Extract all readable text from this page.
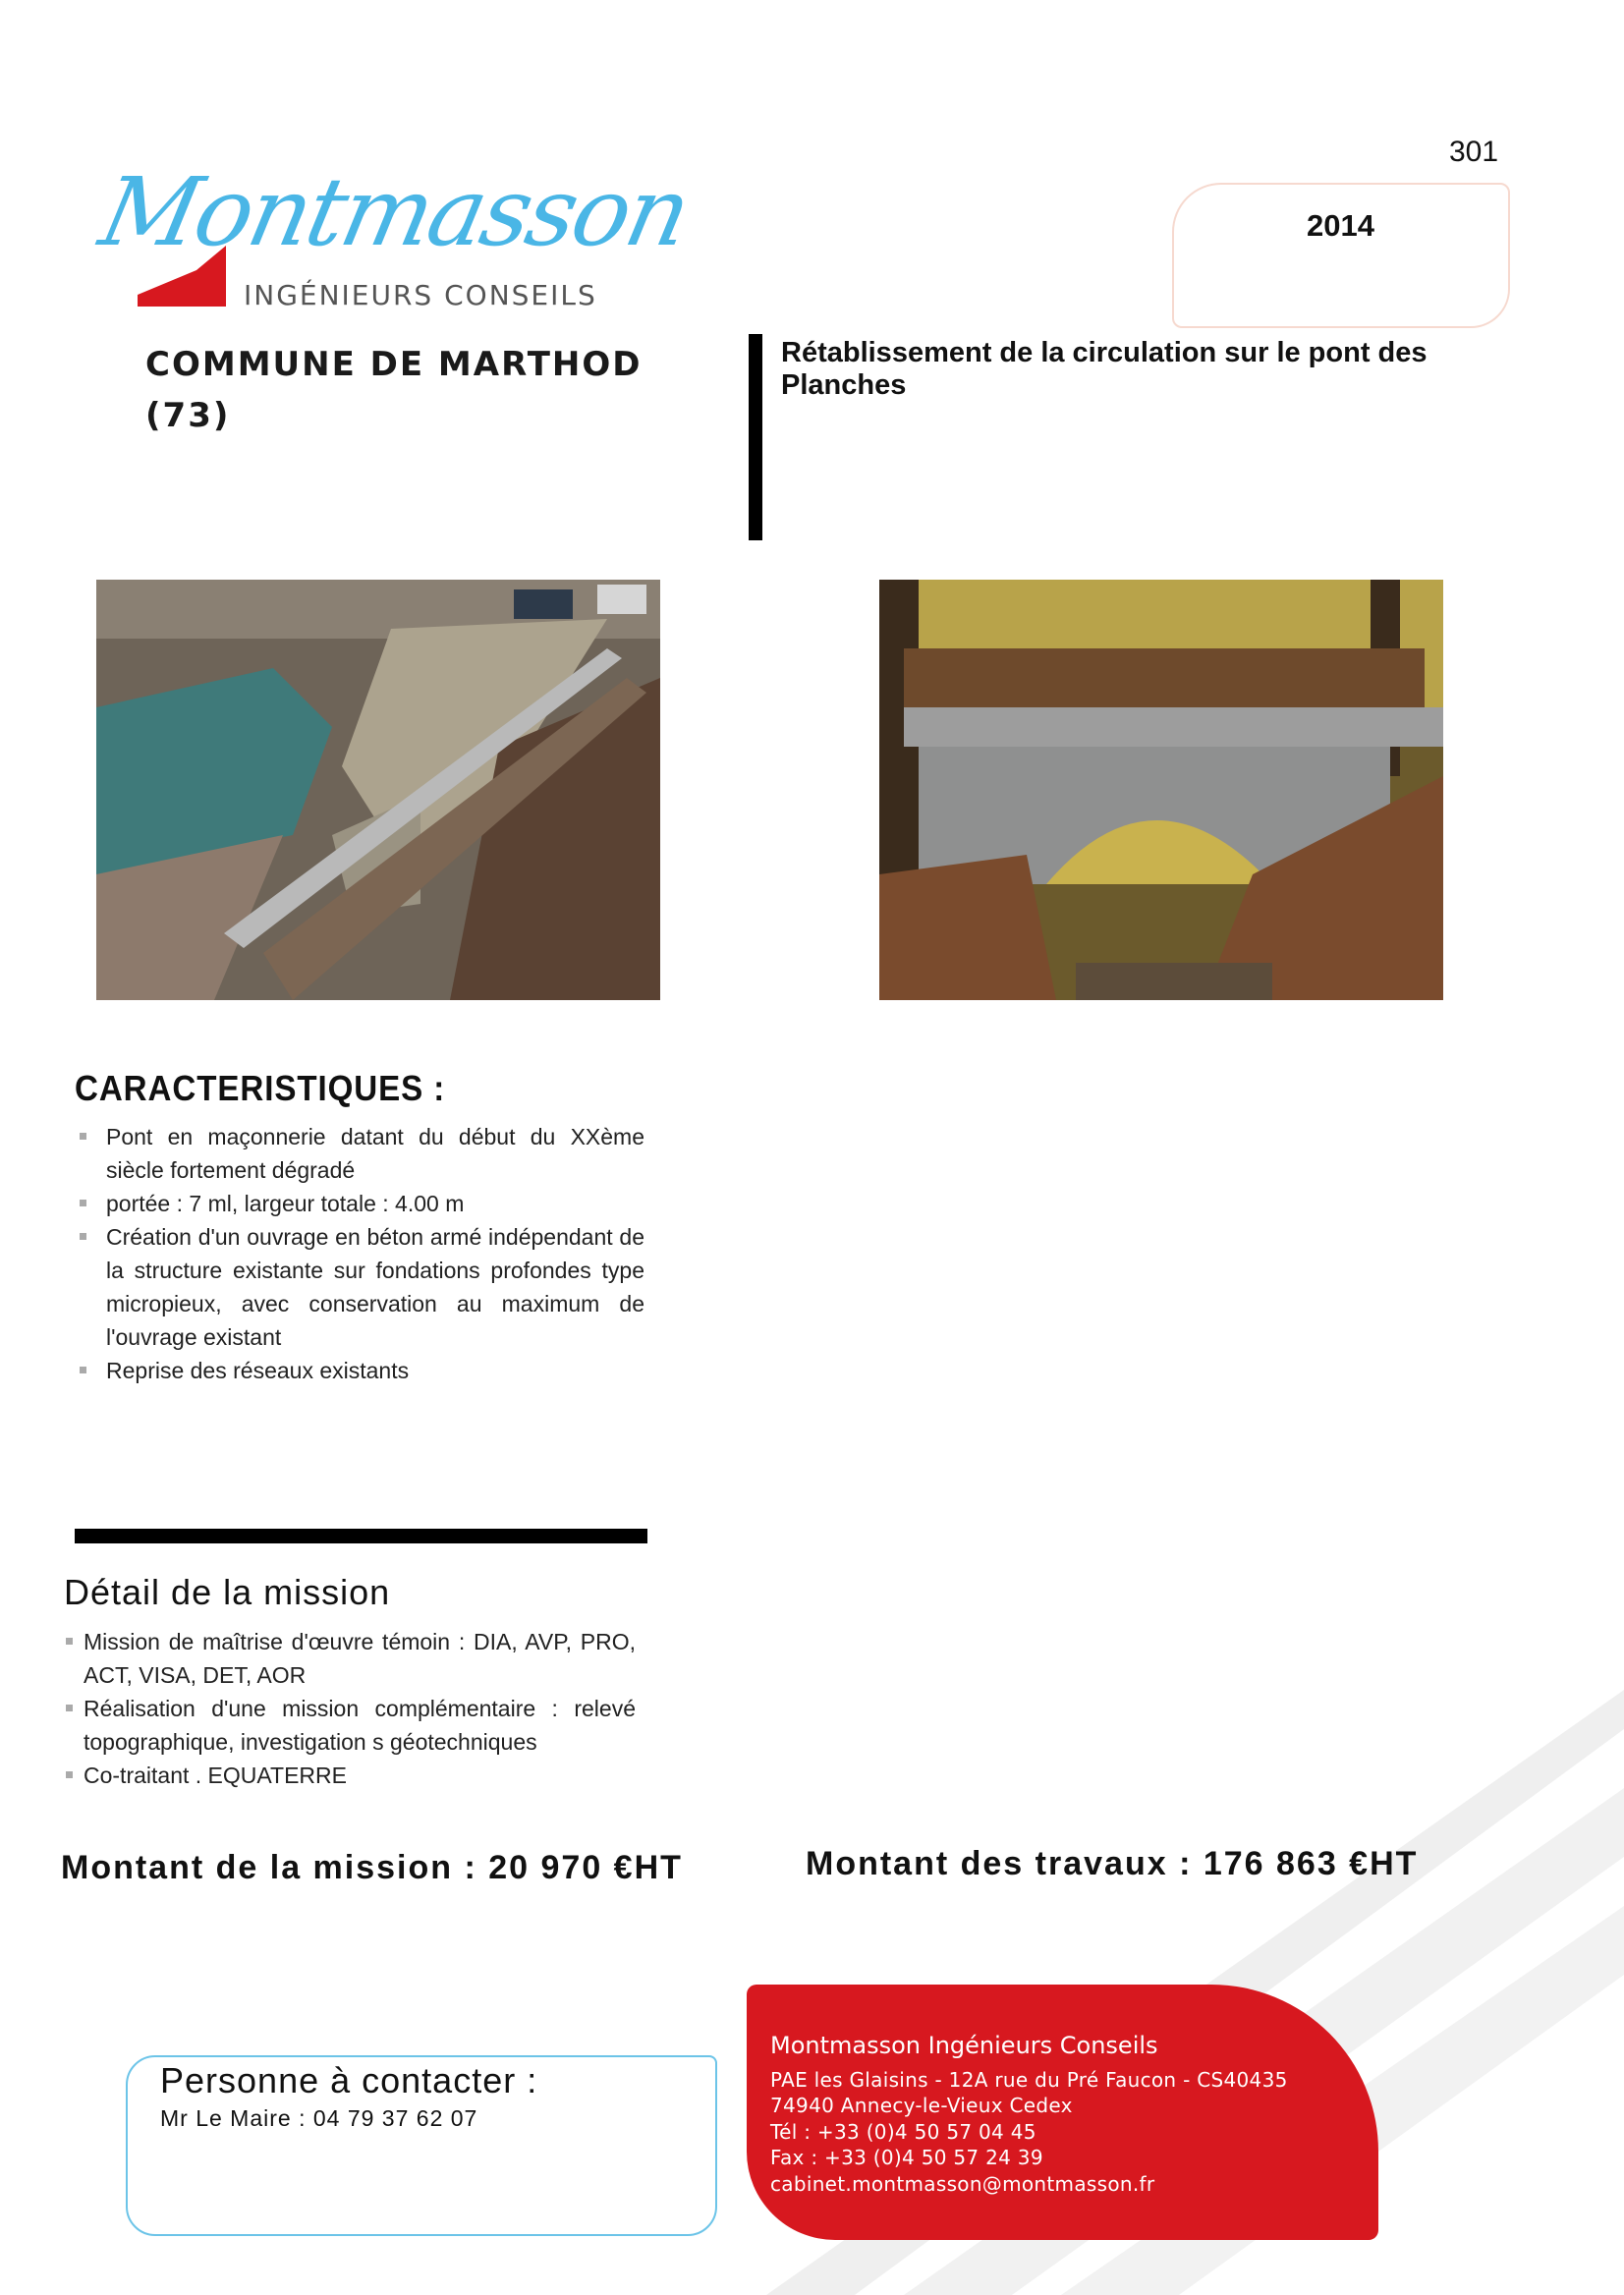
301
2014
Montmasson
INGÉNIEURS CONSEILS
COMMUNE DE MARTHOD
(73)
Rétablissement de la circulation sur le pont des Planches
CARACTERISTIQUES :
Pont en maçonnerie datant du début du XXème siècle fortement dégradé
portée : 7 ml, largeur totale : 4.00 m
Création d'un ouvrage en béton armé indépendant de la structure existante sur fondations profondes type micropieux, avec conservation au maximum de l'ouvrage existant
Reprise des réseaux existants
Détail de la mission
Mission de maîtrise d'œuvre témoin : DIA, AVP, PRO, ACT, VISA, DET, AOR
Réalisation d'une mission complémentaire : relevé topographique, investigation s géotechniques
Co-traitant . EQUATERRE
Montant de la mission : 20 970 €HT	Montant des travaux : 176 863 €HT
Montmasson Ingénieurs Conseils
PAE les Glaisins - 12A rue du Pré Faucon - CS40435
74940 Annecy-le-Vieux Cedex
Tél : +33 (0)4 50 57 04 45
Fax : +33 (0)4 50 57 24 39
cabinet.montmasson@montmasson.fr
Personne à contacter :
Mr Le Maire : 04 79 37 62 07
